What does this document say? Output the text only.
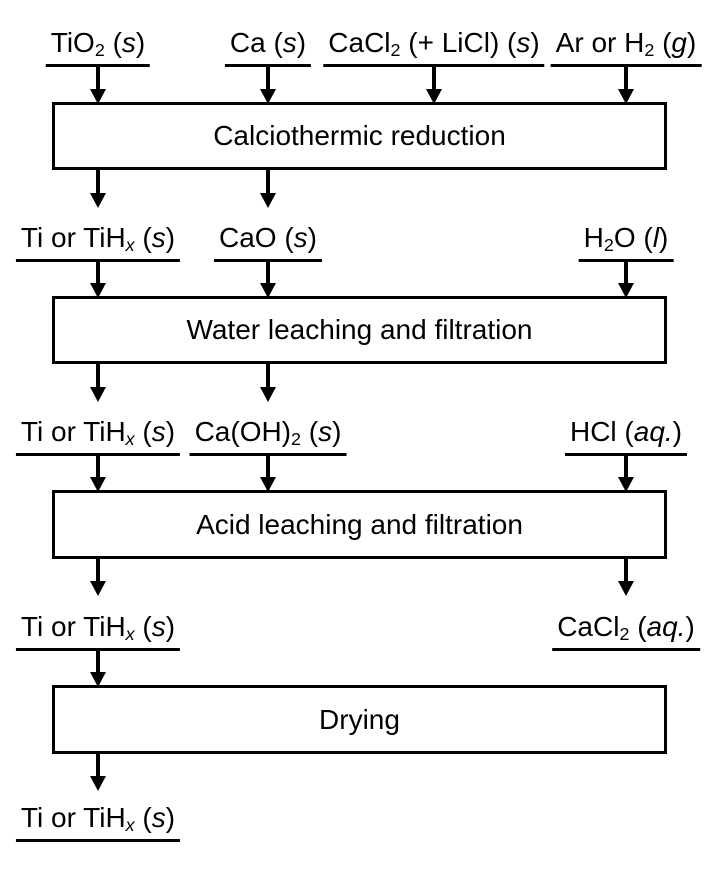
TiO2 (s)	Ca (s) CaCl2 (+ LiCl) (s) Ar or H2 (g)
Calciothermic reduction
Ti or TiHx (s) CaO (s)	H2O (l)
Water leaching and filtration
Ti or TiHx (s) Ca(OH)2 (s)	HCl (aq.)
Acid leaching and filtration
Ti or TiHx (s)	CaCl2 (aq.)
Drying
Ti or TiHx (s)
